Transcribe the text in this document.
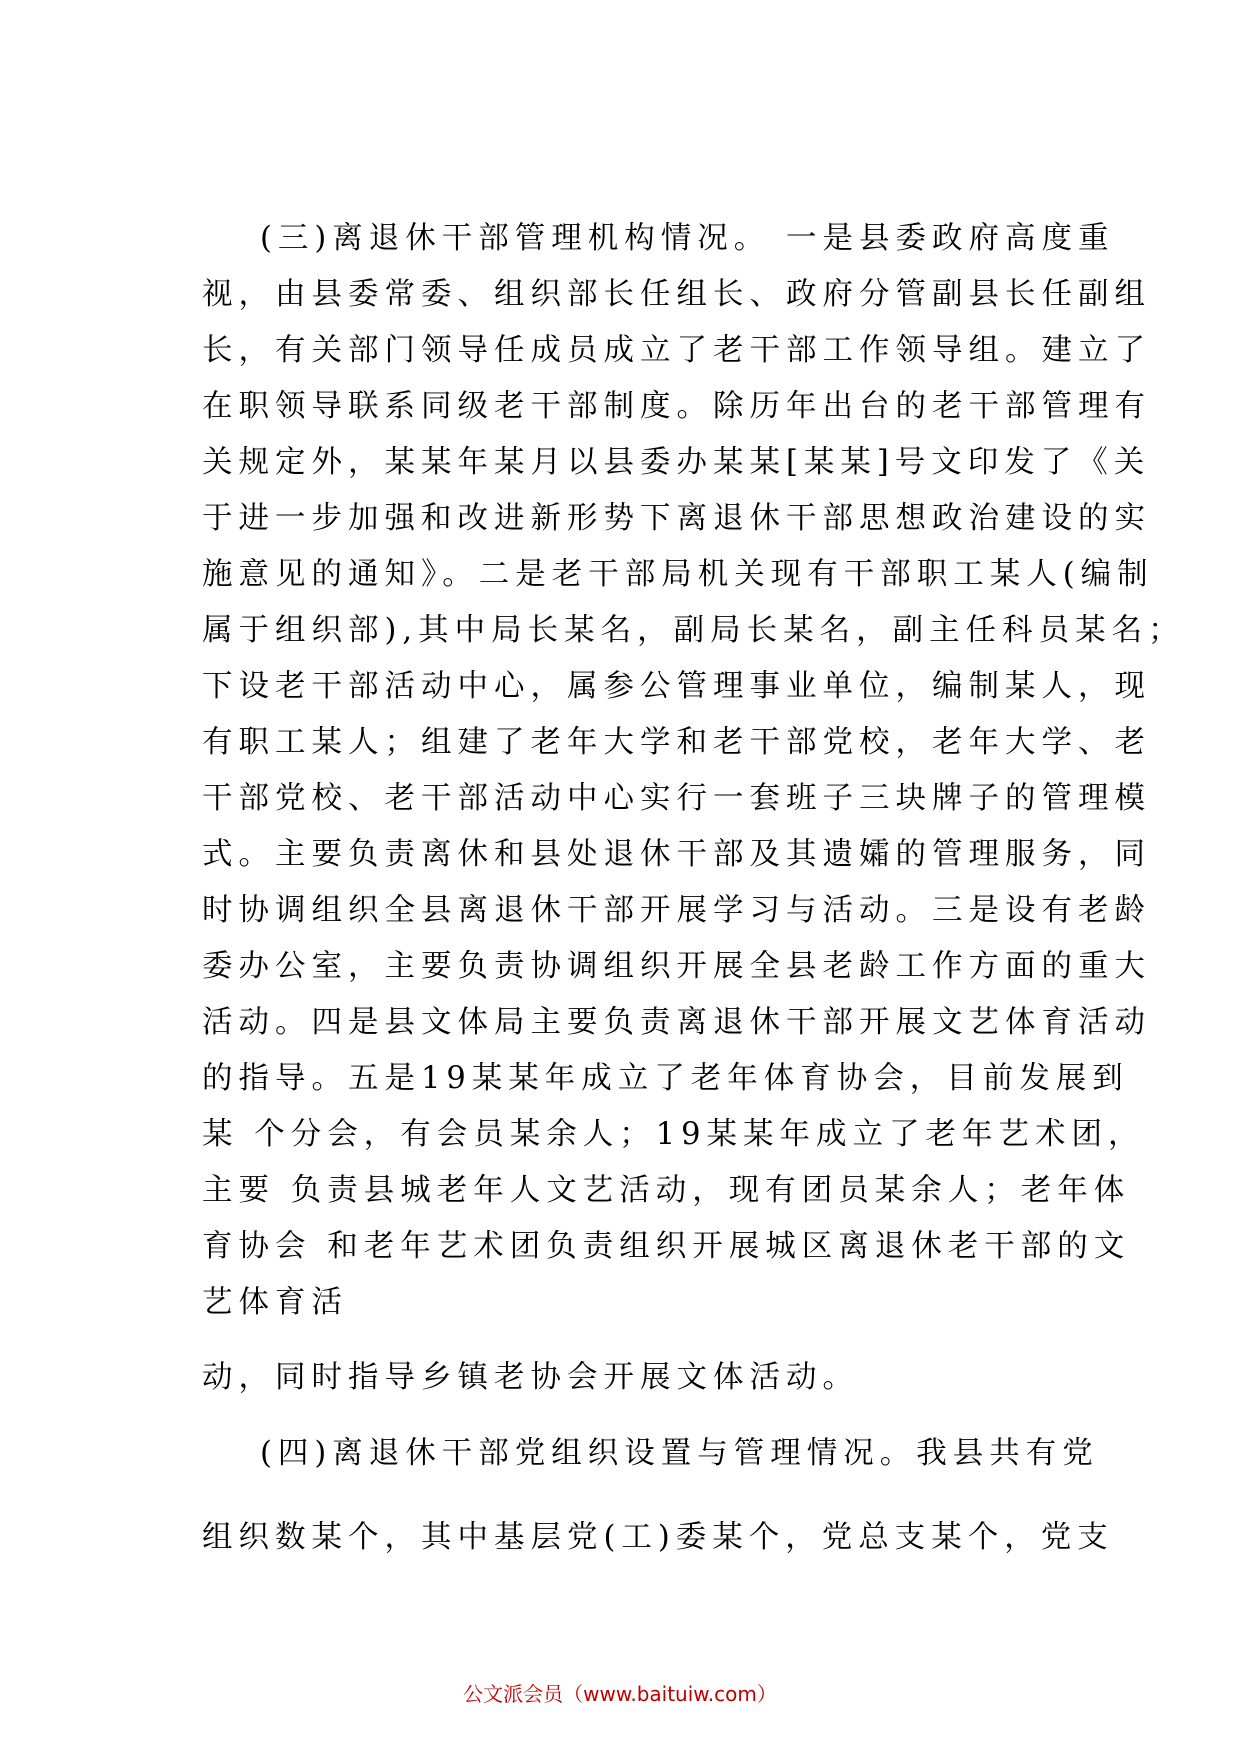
(三)离退休干部管理机构情况。 一是县委政府高度重
视，由县委常委、组织部长任组长、政府分管副县长任副组
长，有关部门领导任成员成立了老干部工作领导组。建立了
在职领导联系同级老干部制度。除历年出台的老干部管理有
关规定外，某某年某月以县委办某某[某某]号文印发了《关
于进一步加强和改进新形势下离退休干部思想政治建设的实
施意见的通知》。二是老干部局机关现有干部职工某人(编制
属于组织部),其中局长某名，副局长某名，副主任科员某名；
下设老干部活动中心，属参公管理事业单位，编制某人，现
有职工某人；组建了老年大学和老干部党校，老年大学、老
干部党校、老干部活动中心实行一套班子三块牌子的管理模
式。主要负责离休和县处退休干部及其遗孀的管理服务，同
时协调组织全县离退休干部开展学习与活动。三是设有老龄
委办公室，主要负责协调组织开展全县老龄工作方面的重大
活动。四是县文体局主要负责离退休干部开展文艺体育活动
的指导。五是19某某年成立了老年体育协会，目前发展到
某 个分会，有会员某余人；19某某年成立了老年艺术团，
主要 负责县城老年人文艺活动，现有团员某余人；老年体
育协会 和老年艺术团负责组织开展城区离退休老干部的文
艺体育活
动，同时指导乡镇老协会开展文体活动。
(四)离退休干部党组织设置与管理情况。我县共有党
组织数某个，其中基层党(工)委某个，党总支某个，党支
公文派会员（www.baituiw.com）
